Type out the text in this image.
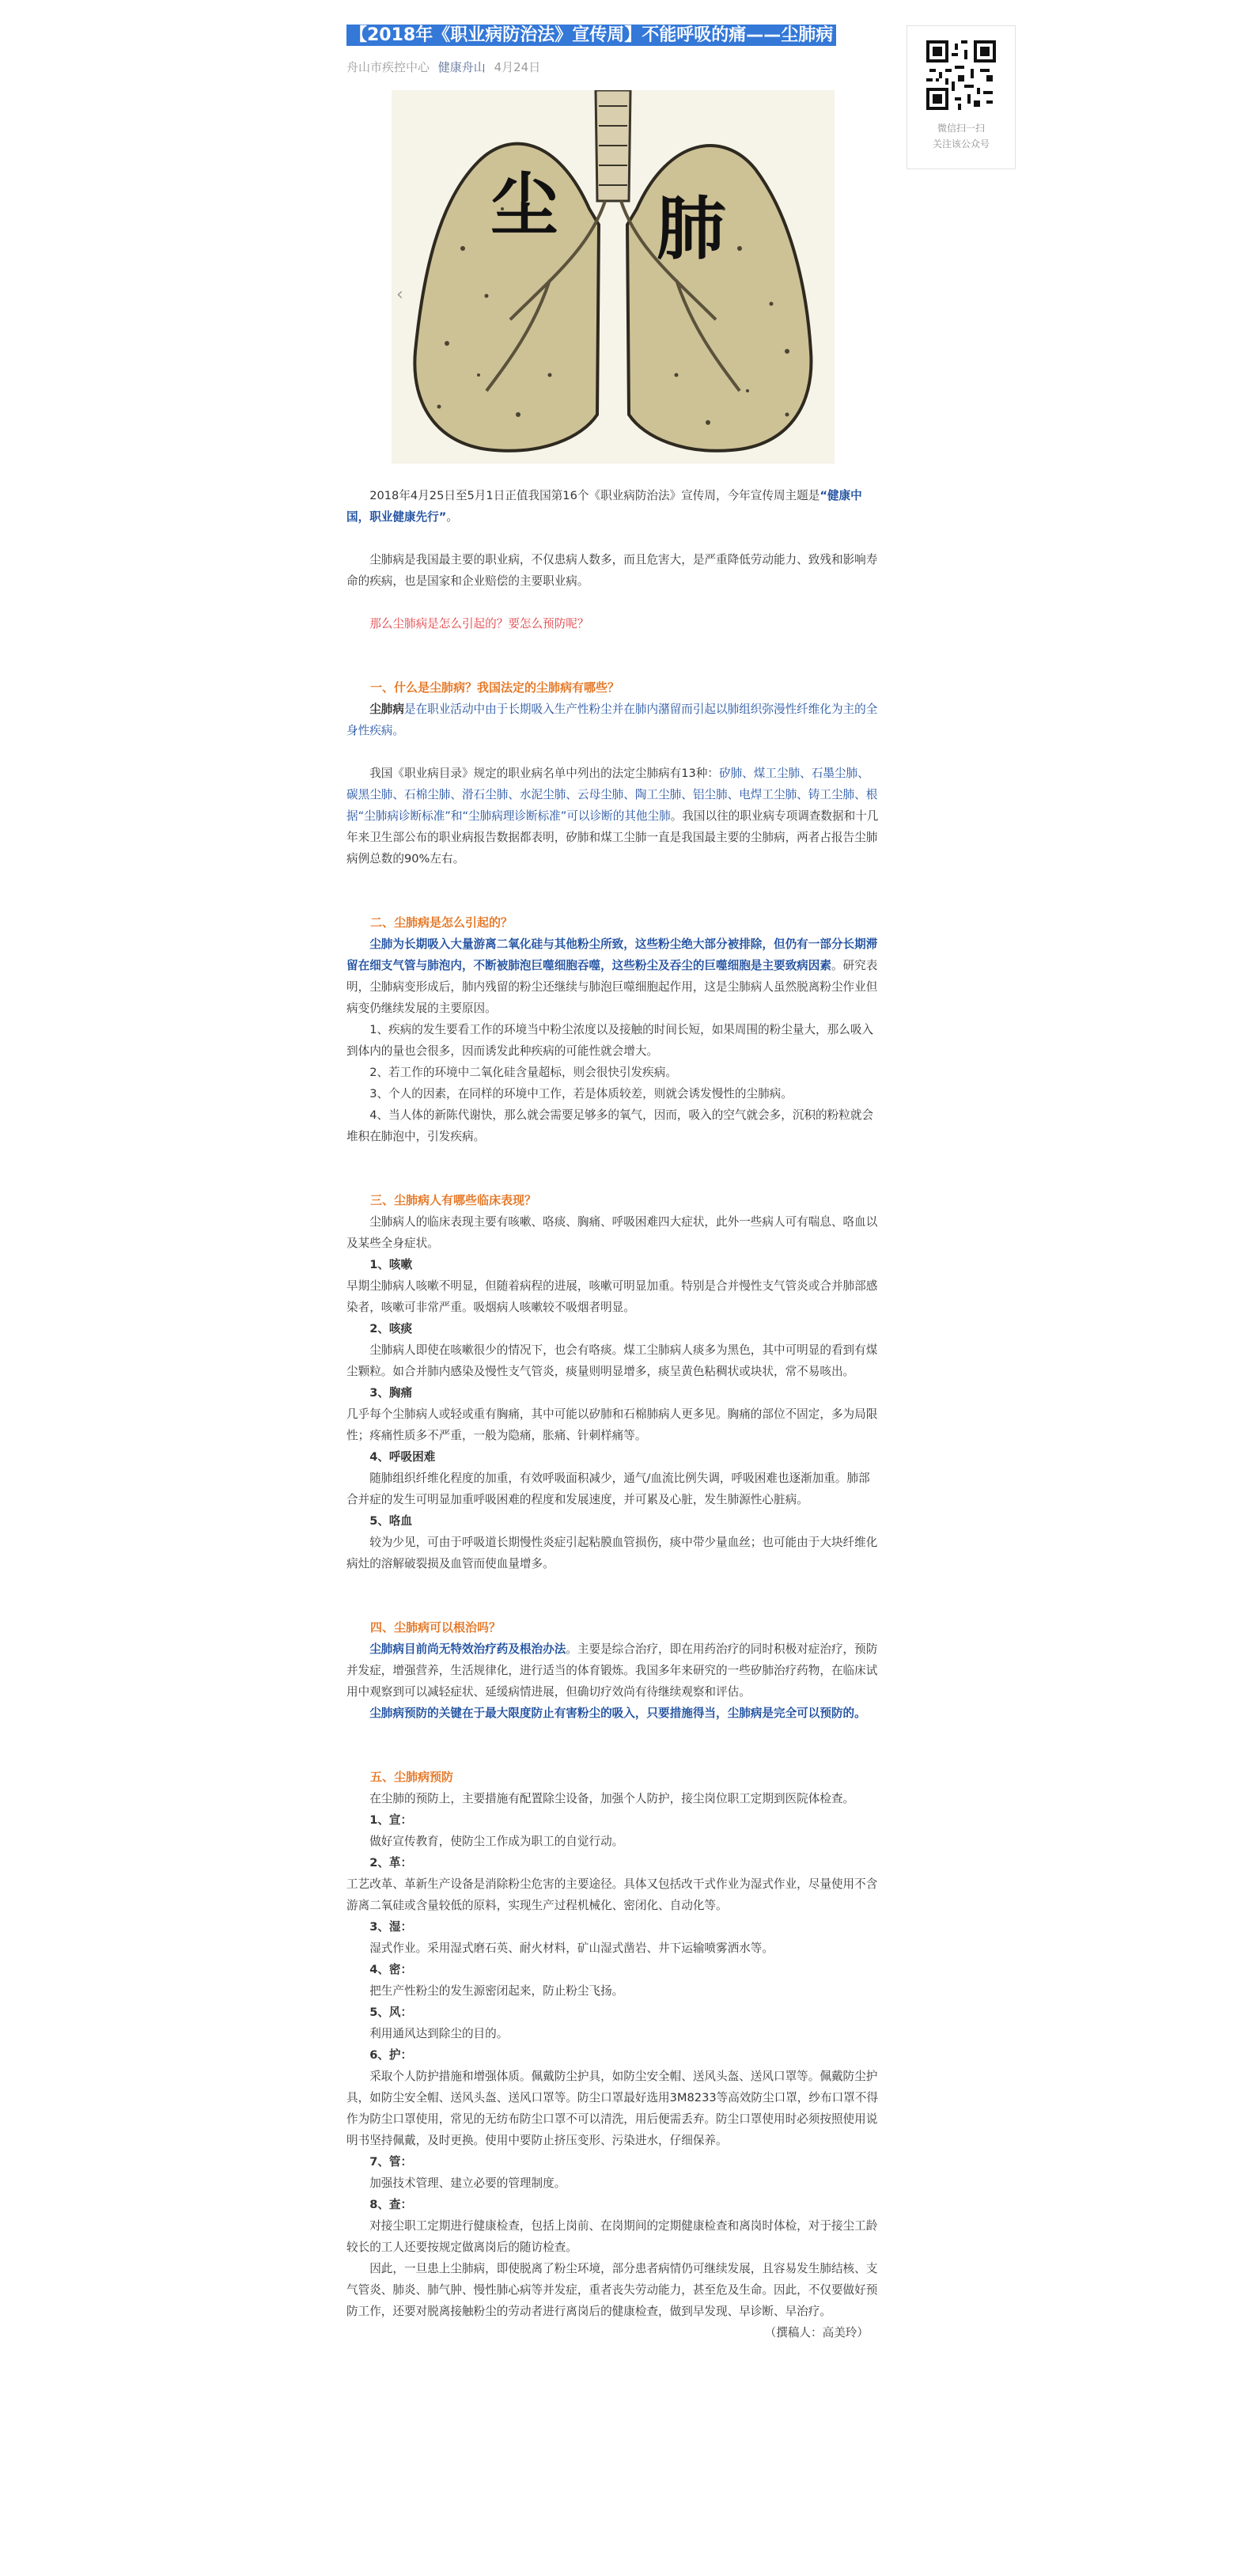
【2018年《职业病防治法》宣传周】不能呼吸的痛——尘肺病
舟山市疾控中心 健康舟山 4月24日
尘 肺
‹

2018年4月25日至5月1日正值我国第16个《职业病防治法》宣传周，今年宣传周主题是“健康中国，职业健康先行”。

尘肺病是我国最主要的职业病，不仅患病人数多，而且危害大，是严重降低劳动能力、致残和影响寿命的疾病，也是国家和企业赔偿的主要职业病。

那么尘肺病是怎么引起的？要怎么预防呢？

一、什么是尘肺病？我国法定的尘肺病有哪些？

尘肺病是在职业活动中由于长期吸入生产性粉尘并在肺内潴留而引起以肺组织弥漫性纤维化为主的全身性疾病。

我国《职业病目录》规定的职业病名单中列出的法定尘肺病有13种：矽肺、煤工尘肺、石墨尘肺、碳黑尘肺、石棉尘肺、滑石尘肺、水泥尘肺、云母尘肺、陶工尘肺、铝尘肺、电焊工尘肺、铸工尘肺、根据“尘肺病诊断标准”和“尘肺病理诊断标准”可以诊断的其他尘肺。我国以往的职业病专项调查数据和十几年来卫生部公布的职业病报告数据都表明，矽肺和煤工尘肺一直是我国最主要的尘肺病，两者占报告尘肺病例总数的90%左右。

二、尘肺病是怎么引起的？

尘肺为长期吸入大量游离二氧化硅与其他粉尘所致，这些粉尘绝大部分被排除，但仍有一部分长期滞留在细支气管与肺泡内，不断被肺泡巨噬细胞吞噬，这些粉尘及吞尘的巨噬细胞是主要致病因素。研究表明，尘肺病变形成后，肺内残留的粉尘还继续与肺泡巨噬细胞起作用，这是尘肺病人虽然脱离粉尘作业但病变仍继续发展的主要原因。

1、疾病的发生要看工作的环境当中粉尘浓度以及接触的时间长短，如果周围的粉尘量大，那么吸入到体内的量也会很多，因而诱发此种疾病的可能性就会增大。

2、若工作的环境中二氧化硅含量超标，则会很快引发疾病。

3、个人的因素，在同样的环境中工作，若是体质较差，则就会诱发慢性的尘肺病。

4、当人体的新陈代谢快，那么就会需要足够多的氧气，因而，吸入的空气就会多，沉积的粉粒就会堆积在肺泡中，引发疾病。

三、尘肺病人有哪些临床表现？

尘肺病人的临床表现主要有咳嗽、咯痰、胸痛、呼吸困难四大症状，此外一些病人可有喘息、咯血以及某些全身症状。

1、咳嗽

早期尘肺病人咳嗽不明显，但随着病程的进展，咳嗽可明显加重。特别是合并慢性支气管炎或合并肺部感染者，咳嗽可非常严重。吸烟病人咳嗽较不吸烟者明显。

2、咳痰

尘肺病人即使在咳嗽很少的情况下，也会有咯痰。煤工尘肺病人痰多为黑色，其中可明显的看到有煤尘颗粒。如合并肺内感染及慢性支气管炎，痰量则明显增多，痰呈黄色粘稠状或块状，常不易咳出。

3、胸痛

几乎每个尘肺病人或轻或重有胸痛，其中可能以矽肺和石棉肺病人更多见。胸痛的部位不固定，多为局限性；疼痛性质多不严重，一般为隐痛，胀痛、针刺样痛等。

4、呼吸困难

随肺组织纤维化程度的加重，有效呼吸面积减少，通气/血流比例失调，呼吸困难也逐渐加重。肺部合并症的发生可明显加重呼吸困难的程度和发展速度，并可累及心脏，发生肺源性心脏病。

5、咯血

较为少见，可由于呼吸道长期慢性炎症引起粘膜血管损伤，痰中带少量血丝；也可能由于大块纤维化病灶的溶解破裂损及血管而使血量增多。

四、尘肺病可以根治吗？

尘肺病目前尚无特效治疗药及根治办法。主要是综合治疗，即在用药治疗的同时积极对症治疗，预防并发症，增强营养，生活规律化，进行适当的体育锻炼。我国多年来研究的一些矽肺治疗药物，在临床试用中观察到可以减轻症状、延缓病情进展，但确切疗效尚有待继续观察和评估。

尘肺病预防的关键在于最大限度防止有害粉尘的吸入，只要措施得当，尘肺病是完全可以预防的。

五、尘肺病预防

在尘肺的预防上，主要措施有配置除尘设备，加强个人防护，接尘岗位职工定期到医院体检查。

1、宣：

做好宣传教育，使防尘工作成为职工的自觉行动。

2、革：

工艺改革、革新生产设备是消除粉尘危害的主要途径。具体又包括改干式作业为湿式作业，尽量使用不含游离二氧硅或含量较低的原料，实现生产过程机械化、密闭化、自动化等。

3、湿：

湿式作业。采用湿式磨石英、耐火材料，矿山湿式凿岩、井下运输喷雾洒水等。

4、密：

把生产性粉尘的发生源密闭起来，防止粉尘飞扬。

5、风：

利用通风达到除尘的目的。

6、护：

采取个人防护措施和增强体质。佩戴防尘护具，如防尘安全帽、送风头盔、送风口罩等。佩戴防尘护具，如防尘安全帽、送风头盔、送风口罩等。防尘口罩最好选用3M8233等高效防尘口罩，纱布口罩不得作为防尘口罩使用，常见的无纺布防尘口罩不可以清洗，用后便需丢弃。防尘口罩使用时必须按照使用说明书坚持佩戴，及时更换。使用中要防止挤压变形、污染进水，仔细保养。

7、管：

加强技术管理、建立必要的管理制度。

8、查：

对接尘职工定期进行健康检查，包括上岗前、在岗期间的定期健康检查和离岗时体检，对于接尘工龄较长的工人还要按规定做离岗后的随访检查。

因此，一旦患上尘肺病，即使脱离了粉尘环境，部分患者病情仍可继续发展，且容易发生肺结核、支气管炎、肺炎、肺气肿、慢性肺心病等并发症，重者丧失劳动能力，甚至危及生命。因此，不仅要做好预防工作，还要对脱离接触粉尘的劳动者进行离岗后的健康检查，做到早发现、早诊断、早治疗。

（撰稿人：高美玲）

微信扫一扫
关注该公众号
